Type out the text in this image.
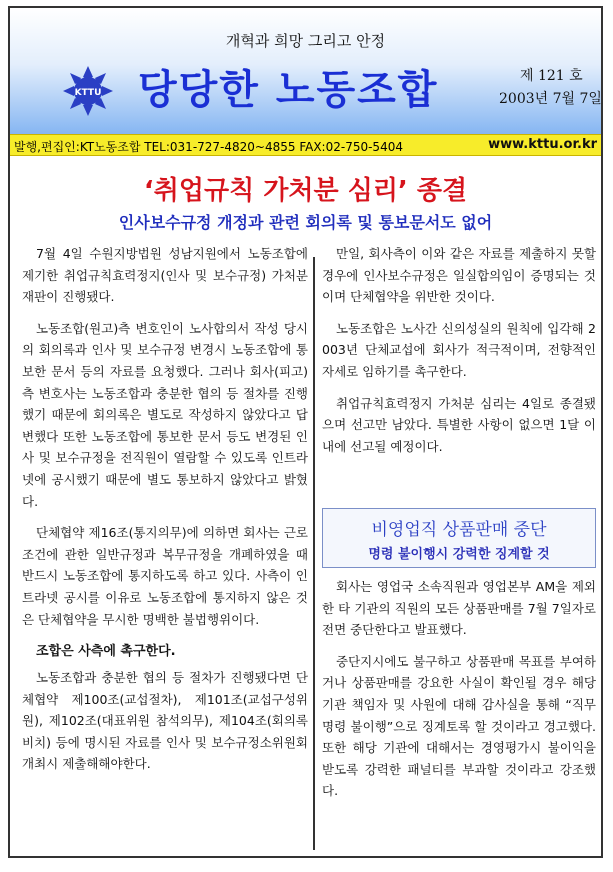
개혁과 희망 그리고 안정
KTTU 당당한 노동조합	제 121 호
2003년 7월 7일
발행,편집인:KT노동조합 TEL:031-727-4820~4855 FAX:02-750-5404	www.kttu.or.kr
‘취업규칙 가처분 심리’ 종결
인사보수규정 개정과 관련 회의록 및 통보문서도 없어

7월 4일 수원지방법원 성남지원에서 노동조합에 제기한 취업규칙효력정지(인사 및 보수규정) 가처분 재판이 진행됐다.

노동조합(원고)측 변호인이 노사합의서 작성 당시의 회의록과 인사 및 보수규정 변경시 노동조합에 통보한 문서 등의 자료를 요청했다. 그러나 회사(피고)측 변호사는 노동조합과 충분한 협의 등 절차를 진행했기 때문에 회의록은 별도로 작성하지 않았다고 답변했다 또한 노동조합에 통보한 문서 등도 변경된 인사 및 보수규정을 전직원이 열람할 수 있도록 인트라넷에 공시했기 때문에 별도 통보하지 않았다고 밝혔다.

단체협약 제16조(통지의무)에 의하면 회사는 근로조건에 관한 일반규정과 복무규정을 개폐하였을 때 반드시 노동조합에 통지하도록 하고 있다. 사측이 인트라넷 공시를 이유로 노동조합에 통지하지 않은 것은 단체협약을 무시한 명백한 불법행위이다.

조합은 사측에 촉구한다.

노동조합과 충분한 협의 등 절차가 진행됐다면 단체협약 제100조(교섭절차), 제101조(교섭구성위원), 제102조(대표위원 참석의무), 제104조(회의록비치) 등에 명시된 자료를 인사 및 보수규정소위원회 개최시 제출해해야한다.

만일, 회사측이 이와 같은 자료를 제출하지 못할 경우에 인사보수규정은 일실합의임이 증명되는 것이며 단체협약을 위반한 것이다.

노동조합은 노사간 신의성실의 원칙에 입각해 2003년 단체교섭에 회사가 적극적이며, 전향적인 자세로 임하기를 촉구한다.

취업규칙효력정지 가처분 심리는 4일로 종결됐으며 선고만 남았다. 특별한 사항이 없으면 1달 이내에 선고될 예정이다.

비영업직 상품판매 중단
명령 불이행시 강력한 징계할 것

회사는 영업국 소속직원과 영업본부 AM을 제외한 타 기관의 직원의 모든 상품판매를 7월 7일자로 전면 중단한다고 발표했다.

중단지시에도 불구하고 상품판매 목표를 부여하거나 상품판매를 강요한 사실이 확인될 경우 해당 기관 책임자 및 사원에 대해 감사실을 통해 “직무명령 불이행”으로 징계토록 할 것이라고 경고했다. 또한 해당 기관에 대해서는 경영평가시 불이익을 받도록 강력한 패널티를 부과할 것이라고 강조했다.
